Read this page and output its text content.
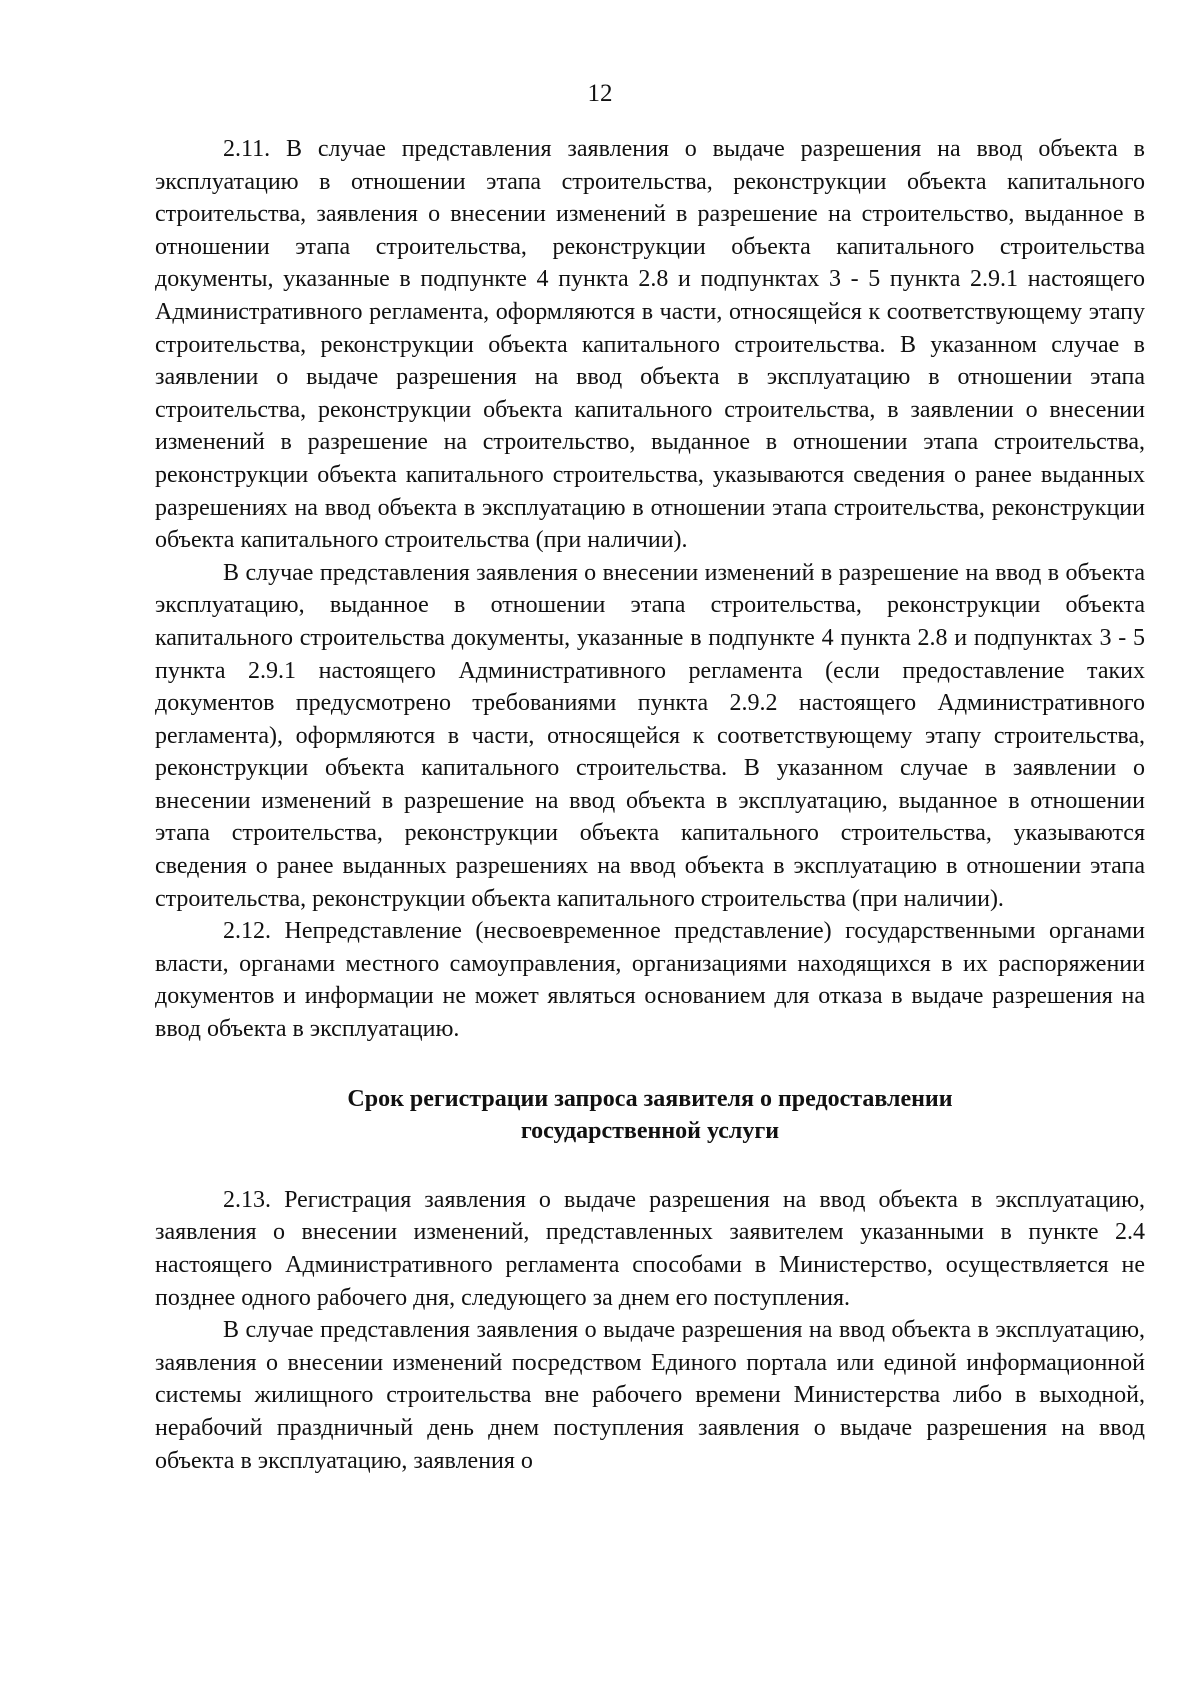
12

2.11. В случае представления заявления о выдаче разрешения на ввод объекта в эксплуатацию в отношении этапа строительства, реконструкции объекта капитального строительства, заявления о внесении изменений в разрешение на строительство, выданное в отношении этапа строительства, реконструкции объекта капитального строительства документы, указанные в подпункте 4 пункта 2.8 и подпунктах 3 - 5 пункта 2.9.1 настоящего Административного регламента, оформляются в части, относящейся к соответствующему этапу строительства, реконструкции объекта капитального строительства. В указанном случае в заявлении о выдаче разрешения на ввод объекта в эксплуатацию в отношении этапа строительства, реконструкции объекта капитального строительства, в заявлении о внесении изменений в разрешение на строительство, выданное в отношении этапа строительства, реконструкции объекта капитального строительства, указываются сведения о ранее выданных разрешениях на ввод объекта в эксплуатацию в отношении этапа строительства, реконструкции объекта капитального строительства (при наличии).

В случае представления заявления о внесении изменений в разрешение на ввод в объекта эксплуатацию, выданное в отношении этапа строительства, реконструкции объекта капитального строительства документы, указанные в подпункте 4 пункта 2.8 и подпунктах 3 - 5 пункта 2.9.1 настоящего Административного регламента (если предоставление таких документов предусмотрено требованиями пункта 2.9.2 настоящего Административного регламента), оформляются в части, относящейся к соответствующему этапу строительства, реконструкции объекта капитального строительства. В указанном случае в заявлении о внесении изменений в разрешение на ввод объекта в эксплуатацию, выданное в отношении этапа строительства, реконструкции объекта капитального строительства, указываются сведения о ранее выданных разрешениях на ввод объекта в эксплуатацию в отношении этапа строительства, реконструкции объекта капитального строительства (при наличии).

2.12. Непредставление (несвоевременное представление) государственными органами власти, органами местного самоуправления, организациями находящихся в их распоряжении документов и информации не может являться основанием для отказа в выдаче разрешения на ввод объекта в эксплуатацию.

Срок регистрации запроса заявителя о предоставлении
государственной услуги

2.13. Регистрация заявления о выдаче разрешения на ввод объекта в эксплуатацию, заявления о внесении изменений, представленных заявителем указанными в пункте 2.4 настоящего Административного регламента способами в Министерство, осуществляется не позднее одного рабочего дня, следующего за днем его поступления.

В случае представления заявления о выдаче разрешения на ввод объекта в эксплуатацию, заявления о внесении изменений посредством Единого портала или единой информационной системы жилищного строительства вне рабочего времени Министерства либо в выходной, нерабочий праздничный день днем поступления заявления о выдаче разрешения на ввод объекта в эксплуатацию, заявления о
